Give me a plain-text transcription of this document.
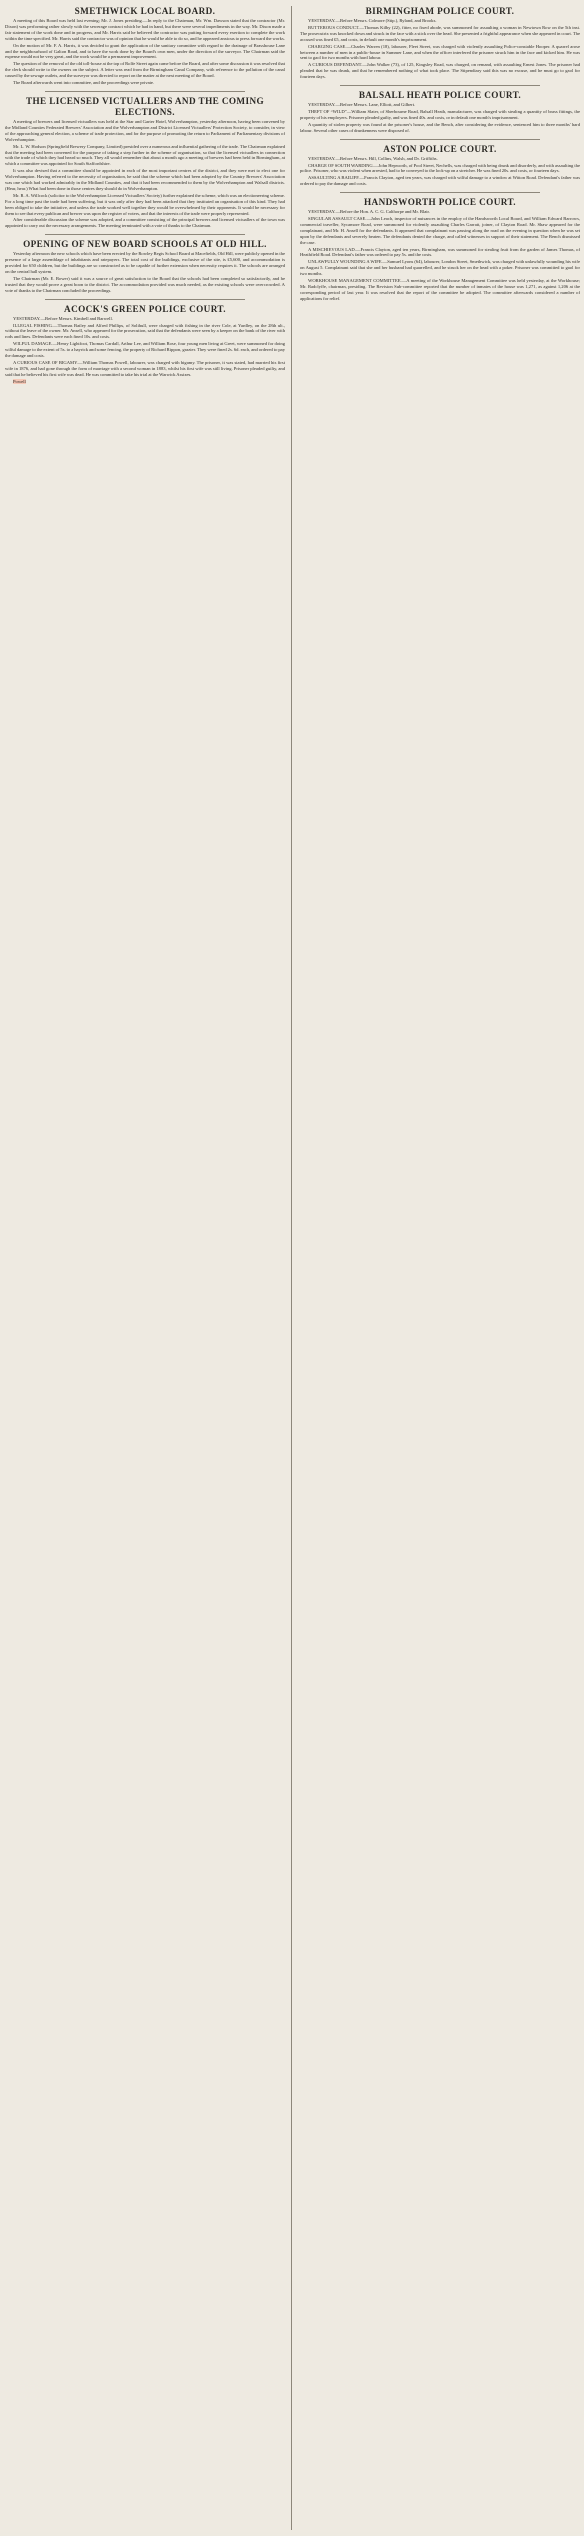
SMETHWICK LOCAL BOARD.
A meeting of this Board was held last evening; Mr. J. Jones presiding.—In reply to the Chairman, Mr. Wm. Dawson stated that the contractor (Mr. Dixon) was performing rather slowly with the sewerage contract which he had in hand, but there were several impediments in the way. Mr. Dixon made a fair statement of the work done and in progress, and Mr. Harris said he believed the contractor was putting forward every exertion to complete the work within the time specified. Mr. Harris said the contractor was of opinion that he would be able to do so, and he appeared anxious to press forward the works.
On the motion of Mr. F. A. Harris, it was decided to grant the application of the sanitary committee with regard to the drainage of Brasshouse Lane and the neighbourhood of Galton Road, and to have the work done by the Board's own men, under the direction of the surveyor. The Chairman said the expense would not be very great, and the work would be a permanent improvement.
The question of the removal of the old toll-house at the top of Rolfe Street again came before the Board, and after some discussion it was resolved that the clerk should write to the owners on the subject. A letter was read from the Birmingham Canal Company, with reference to the pollution of the canal caused by the sewage outlets, and the surveyor was directed to report on the matter at the next meeting of the Board.
The Board afterwards went into committee, and the proceedings were private.
THE LICENSED VICTUALLERS AND THE COMING ELECTIONS.
A meeting of brewers and licensed victuallers was held at the Star and Garter Hotel, Wolverhampton, yesterday afternoon, having been convened by the Midland Counties Federated Brewers' Association and the Wolverhampton and District Licensed Victuallers' Protection Society, to consider, in view of the approaching general election, a scheme of trade protection, and for the purpose of promoting the return to Parliament of Parliamentary divisions of Wolverhampton.
Mr. L. W. Hodson (Springfield Brewery Company, Limited) presided over a numerous and influential gathering of the trade. The Chairman explained that the meeting had been convened for the purpose of taking a step further in the scheme of organisation, so that the licensed victuallers in connection with the trade of which they had heard so much. They all would remember that about a month ago a meeting of brewers had been held in Birmingham, at which a committee was appointed for South Staffordshire.
It was also devised that a committee should be appointed in each of the most important centres of the district, and they were met to elect one for Wolverhampton. Having referred to the necessity of organisation, he said that the scheme which had been adopted by the Country Brewers' Association was one which had worked admirably in the Midland Counties, and that it had been recommended to them by the Wolverhampton and Walsall districts. (Hear, hear.) What had been done in those centres they should do in Wolverhampton.
Mr. R. A. Willcock (solicitor to the Wolverhampton Licensed Victuallers' Society) further explained the scheme, which was an electioneering scheme. For a long time past the trade had been suffering, but it was only after they had been attacked that they instituted an organisation of this kind. They had been obliged to take the initiative, and unless the trade worked well together they would be overwhelmed by their opponents. It would be necessary for them to see that every publican and brewer was upon the register of voters, and that the interests of the trade were properly represented.
After considerable discussion the scheme was adopted, and a committee consisting of the principal brewers and licensed victuallers of the town was appointed to carry out the necessary arrangements. The meeting terminated with a vote of thanks to the Chairman.
OPENING OF NEW BOARD SCHOOLS AT OLD HILL.
Yesterday afternoon the new schools which have been erected by the Rowley Regis School Board at Macefields, Old Hill, were publicly opened in the presence of a large assemblage of inhabitants and ratepayers. The total cost of the buildings, exclusive of the site, is £5,600, and accommodation is provided for 650 children, but the buildings are so constructed as to be capable of further extension when necessity requires it. The schools are arranged on the central hall system.
The Chairman (Mr. E. Bower) said it was a source of great satisfaction to the Board that the schools had been completed so satisfactorily, and he trusted that they would prove a great boon to the district. The accommodation provided was much needed, as the existing schools were overcrowded. A vote of thanks to the Chairman concluded the proceedings.
ACOCK'S GREEN POLICE COURT.
YESTERDAY.—Before Messrs. Kimbell and Barwell.
ILLEGAL FISHING.—Thomas Bailey and Alfred Phillips, of Solihull, were charged with fishing in the river Cole, at Yardley, on the 28th ult., without the leave of the owner. Mr. Ansell, who appeared for the prosecution, said that the defendants were seen by a keeper on the bank of the river with rods and lines. Defendants were each fined 10s. and costs.
WILFUL DAMAGE.—Henry Lightfoot, Thomas Cardall, Arthur Lee, and William Rose, four young men living at Greet, were summoned for doing wilful damage to the extent of 5s. to a hayrick and some fencing, the property of Richard Rippon, grazier. They were fined 2s. 6d. each, and ordered to pay the damage and costs.
A CURIOUS CASE OF BIGAMY.—William Thomas Powell, labourer, was charged with bigamy. The prisoner, it was stated, had married his first wife in 1876, and had gone through the form of marriage with a second woman in 1883, whilst his first wife was still living. Prisoner pleaded guilty, and said that he believed his first wife was dead. He was committed to take his trial at the Warwick Assizes.
Powell
BIRMINGHAM POLICE COURT.
YESTERDAY.—Before Messrs. Colmore (Stip.), Ryland, and Brooks.
BUTTEROUS CONDUCT.—Thomas Kilby (22), fitter, no fixed abode, was summoned for assaulting a woman in Newtown Row on the 5th inst. The prosecutrix was knocked down and struck in the face with a stick over the head. She presented a frightful appearance when she appeared in court. The accused was fined £5, and costs, in default one month's imprisonment.
CHARGING CASE.—Charles Warren (18), labourer, Fleet Street, was charged with violently assaulting Police-constable Hooper. A quarrel arose between a number of men in a public-house in Summer Lane, and when the officer interfered the prisoner struck him in the face and kicked him. He was sent to gaol for two months with hard labour.
A CURIOUS DEFENDANT.—John Walker (73), of 125, Kingsley Road, was charged, on remand, with assaulting Ernest Jones. The prisoner had pleaded that he was drunk, and that he remembered nothing of what took place. The Stipendiary said this was no excuse, and he must go to gaol for fourteen days.
BALSALL HEATH POLICE COURT.
YESTERDAY.—Before Messrs. Lane, Elliott, and Gilbert.
THEFT OF “WILD”—William Slater, of Sherbourne Road, Balsall Heath, manufacturer, was charged with stealing a quantity of brass fittings, the property of his employers. Prisoner pleaded guilty, and was fined 40s. and costs, or in default one month's imprisonment.
A quantity of stolen property was found at the prisoner's house, and the Bench, after considering the evidence, sentenced him to three months' hard labour. Several other cases of drunkenness were disposed of.
ASTON POLICE COURT.
YESTERDAY.—Before Messrs. Hill, Collins, Walsh, and Dr. Griffiths.
CHARGE OF SOUTH WARDING.—John Hepworth, of Pool Street, Nechells, was charged with being drunk and disorderly, and with assaulting the police. Prisoner, who was violent when arrested, had to be conveyed to the lock-up on a stretcher. He was fined 20s. and costs, or fourteen days.
ASSAULTING A BAILIFF.—Francis Clayton, aged ten years, was charged with wilful damage to a window at Witton Road. Defendant's father was ordered to pay the damage and costs.
HANDSWORTH POLICE COURT.
YESTERDAY.—Before the Hon. A. C. G. Calthorpe and Mr. Blair.
SINGULAR ASSAULT CASE.—John Leach, inspector of nuisances in the employ of the Handsworth Local Board, and William Edward Barrows, commercial traveller, Sycamore Road, were summoned for violently assaulting Charles Garratt, joiner, of Clayton Road. Mr. Shaw appeared for the complainant, and Mr. H. Ansell for the defendants. It appeared that complainant was passing along the road on the evening in question when he was set upon by the defendants and severely beaten. The defendants denied the charge, and called witnesses in support of their statement. The Bench dismissed the case.
A MISCHIEVOUS LAD.—Francis Clayton, aged ten years, Birmingham, was summoned for stealing fruit from the garden of James Thomas, of Heathfield Road. Defendant's father was ordered to pay 5s. and the costs.
UNLAWFULLY WOUNDING A WIFE.—Samuel Lyons (64), labourer, London Street, Smethwick, was charged with unlawfully wounding his wife on August 5. Complainant said that she and her husband had quarrelled, and he struck her on the head with a poker. Prisoner was committed to gaol for two months.
WORKHOUSE MANAGEMENT COMMITTEE.—A meeting of the Workhouse Management Committee was held yesterday, at the Workhouse; Mr. Radclyffe, chairman, presiding. The Revision Sub-committee reported that the number of inmates of the house was 1,271, as against 1,206 at the corresponding period of last year. It was resolved that the report of the committee be adopted. The committee afterwards considered a number of applications for relief.
